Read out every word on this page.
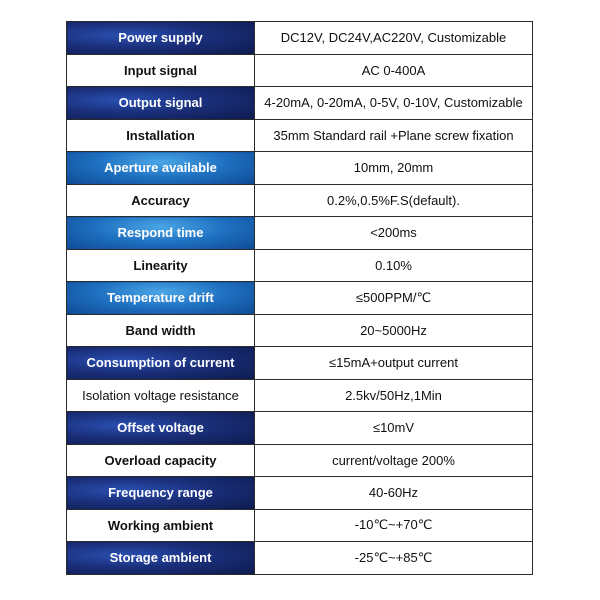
Power supply	DC12V, DC24V,AC220V, Customizable
Input signal	AC 0-400A
Output signal	4-20mA, 0-20mA, 0-5V, 0-10V, Customizable
Installation	35mm Standard rail +Plane screw fixation
Aperture available	10mm, 20mm
Accuracy	0.2%,0.5%F.S(default).
Respond time	<200ms
Linearity	0.10%
Temperature drift	≤500PPM/℃
Band width	20~5000Hz
Consumption of current	≤15mA+output current
Isolation voltage resistance	2.5kv/50Hz,1Min
Offset voltage	≤10mV
Overload capacity	current/voltage 200%
Frequency range	40-60Hz
Working ambient	-10℃~+70℃
Storage ambient	-25℃~+85℃
